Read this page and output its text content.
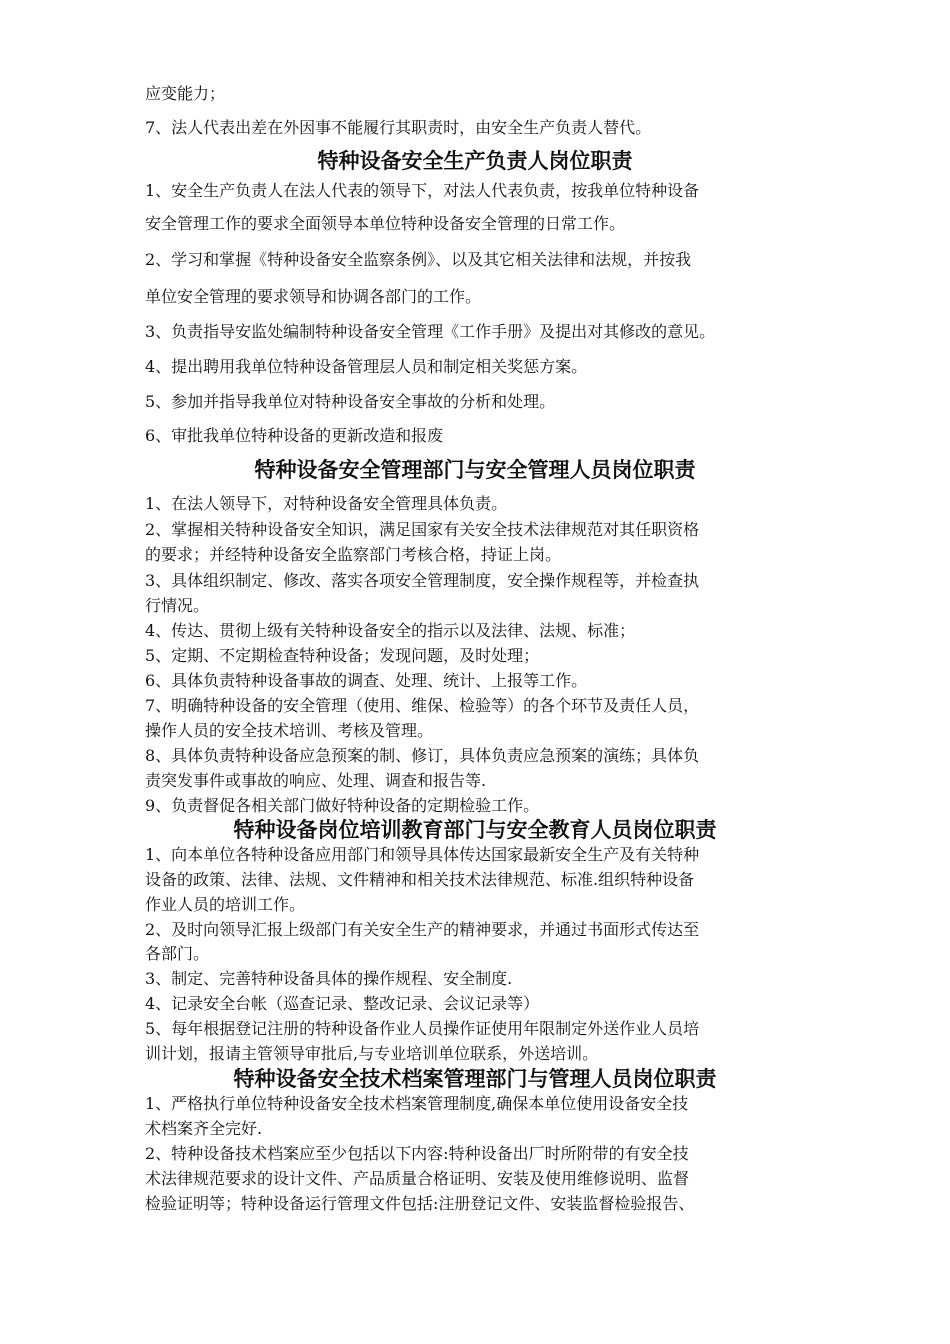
应变能力；
7、法人代表出差在外因事不能履行其职责时，由安全生产负责人替代。
特种设备安全生产负责人岗位职责
1、安全生产负责人在法人代表的领导下，对法人代表负责，按我单位特种设备
安全管理工作的要求全面领导本单位特种设备安全管理的日常工作。
2、学习和掌握《特种设备安全监察条例》、以及其它相关法律和法规，并按我
单位安全管理的要求领导和协调各部门的工作。
3、负责指导安监处编制特种设备安全管理《工作手册》及提出对其修改的意见。
4、提出聘用我单位特种设备管理层人员和制定相关奖惩方案。
5、参加并指导我单位对特种设备安全事故的分析和处理。
6、审批我单位特种设备的更新改造和报废
特种设备安全管理部门与安全管理人员岗位职责
1、在法人领导下，对特种设备安全管理具体负责。
2、掌握相关特种设备安全知识，满足国家有关安全技术法律规范对其任职资格
的要求；并经特种设备安全监察部门考核合格，持证上岗。
3、具体组织制定、修改、落实各项安全管理制度，安全操作规程等，并检查执
行情况。
4、传达、贯彻上级有关特种设备安全的指示以及法律、法规、标准；
5、定期、不定期检查特种设备；发现问题，及时处理；
6、具体负责特种设备事故的调查、处理、统计、上报等工作。
7、明确特种设备的安全管理（使用、维保、检验等）的各个环节及责任人员，
操作人员的安全技术培训、考核及管理。
8、具体负责特种设备应急预案的制、修订，具体负责应急预案的演练；具体负
责突发事件或事故的响应、处理、调查和报告等.
9、负责督促各相关部门做好特种设备的定期检验工作。
特种设备岗位培训教育部门与安全教育人员岗位职责
1、向本单位各特种设备应用部门和领导具体传达国家最新安全生产及有关特种
设备的政策、法律、法规、文件精神和相关技术法律规范、标准.组织特种设备
作业人员的培训工作。
2、及时向领导汇报上级部门有关安全生产的精神要求，并通过书面形式传达至
各部门。
3、制定、完善特种设备具体的操作规程、安全制度.
4、记录安全台帐（巡查记录、整改记录、会议记录等）
5、每年根据登记注册的特种设备作业人员操作证使用年限制定外送作业人员培
训计划，报请主管领导审批后,与专业培训单位联系，外送培训。
特种设备安全技术档案管理部门与管理人员岗位职责
1、严格执行单位特种设备安全技术档案管理制度,确保本单位使用设备安全技
术档案齐全完好.
2、特种设备技术档案应至少包括以下内容:特种设备出厂时所附带的有安全技
术法律规范要求的设计文件、产品质量合格证明、安装及使用维修说明、监督
检验证明等；特种设备运行管理文件包括:注册登记文件、安装监督检验报告、
